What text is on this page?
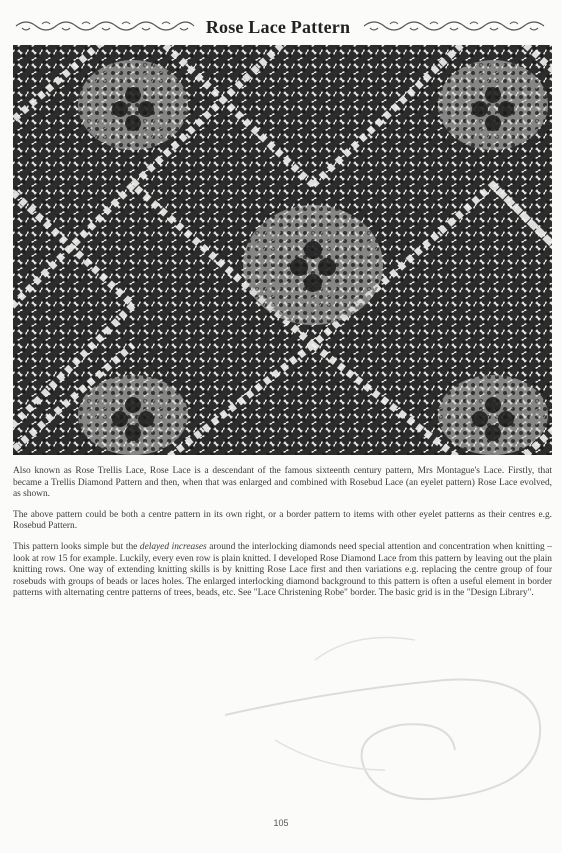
Rose Lace Pattern

Also known as Rose Trellis Lace, Rose Lace is a descendant of the famous sixteenth century pattern, Mrs Montague's Lace. Firstly, that became a Trellis Diamond Pattern and then, when that was enlarged and combined with Rosebud Lace (an eyelet pattern) Rose Lace evolved, as shown.

The above pattern could be both a centre pattern in its own right, or a border pattern to items with other eyelet patterns as their centres e.g. Rosebud Pattern.

This pattern looks simple but the delayed increases around the interlocking diamonds need special attention and concentration when knitting – look at row 15 for example. Luckily, every even row is plain knitted. I developed Rose Diamond Lace from this pattern by leaving out the plain knitting rows. One way of extending knitting skills is by knitting Rose Lace first and then variations e.g. replacing the centre group of four rosebuds with groups of beads or laces holes. The enlarged interlocking diamond background to this pattern is often a useful element in border patterns with alternating centre patterns of trees, beads, etc. See "Lace Christening Robe" border. The basic grid is in the "Design Library".

105
